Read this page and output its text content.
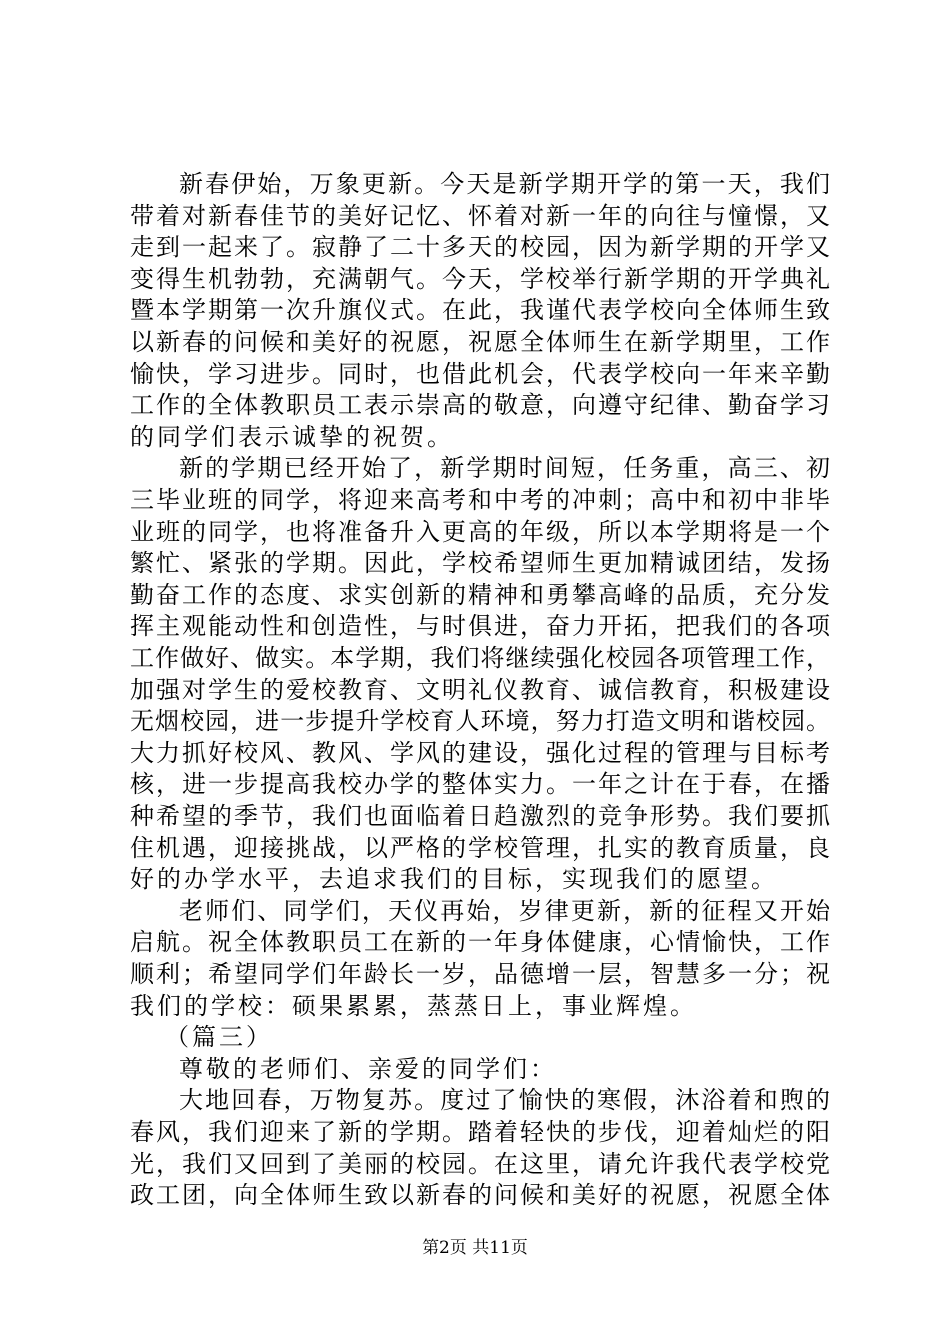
新春伊始，万象更新。今天是新学期开学的第一天，我们
带着对新春佳节的美好记忆、怀着对新一年的向往与憧憬，又
走到一起来了。寂静了二十多天的校园，因为新学期的开学又
变得生机勃勃，充满朝气。今天，学校举行新学期的开学典礼
暨本学期第一次升旗仪式。在此，我谨代表学校向全体师生致
以新春的问候和美好的祝愿，祝愿全体师生在新学期里，工作
愉快，学习进步。同时，也借此机会，代表学校向一年来辛勤
工作的全体教职员工表示崇高的敬意，向遵守纪律、勤奋学习
的同学们表示诚挚的祝贺。
新的学期已经开始了，新学期时间短，任务重，高三、初
三毕业班的同学，将迎来高考和中考的冲刺；高中和初中非毕
业班的同学，也将准备升入更高的年级，所以本学期将是一个
繁忙、紧张的学期。因此，学校希望师生更加精诚团结，发扬
勤奋工作的态度、求实创新的精神和勇攀高峰的品质，充分发
挥主观能动性和创造性，与时俱进，奋力开拓，把我们的各项
工作做好、做实。本学期，我们将继续强化校园各项管理工作，
加强对学生的爱校教育、文明礼仪教育、诚信教育，积极建设
无烟校园，进一步提升学校育人环境，努力打造文明和谐校园。
大力抓好校风、教风、学风的建设，强化过程的管理与目标考
核，进一步提高我校办学的整体实力。一年之计在于春，在播
种希望的季节，我们也面临着日趋激烈的竞争形势。我们要抓
住机遇，迎接挑战，以严格的学校管理，扎实的教育质量，良
好的办学水平，去追求我们的目标，实现我们的愿望。
老师们、同学们，天仪再始，岁律更新，新的征程又开始
启航。祝全体教职员工在新的一年身体健康，心情愉快，工作
顺利；希望同学们年龄长一岁，品德增一层，智慧多一分；祝
我们的学校：硕果累累，蒸蒸日上，事业辉煌。
（篇三）
尊敬的老师们、亲爱的同学们：
大地回春，万物复苏。度过了愉快的寒假，沐浴着和煦的
春风，我们迎来了新的学期。踏着轻快的步伐，迎着灿烂的阳
光，我们又回到了美丽的校园。在这里，请允许我代表学校党
政工团，向全体师生致以新春的问候和美好的祝愿，祝愿全体
第2页 共11页
